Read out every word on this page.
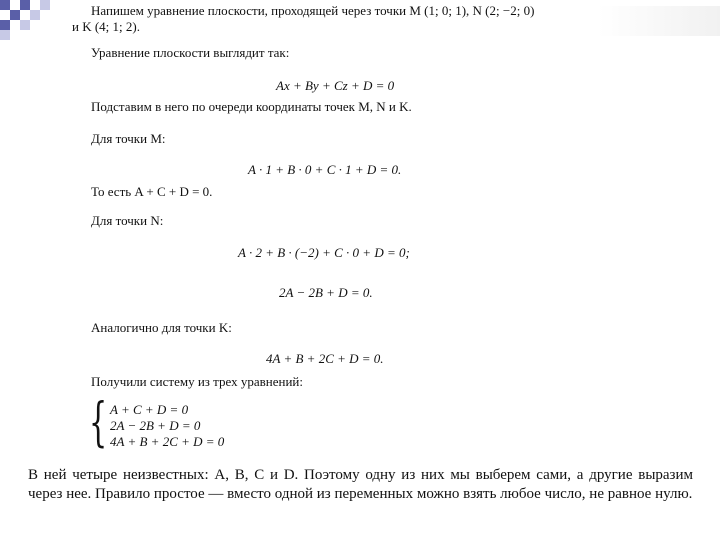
Напишем уравнение плоскости, проходящей через точки M (1; 0; 1), N (2; −2; 0)
и K (4; 1; 2).
Уравнение плоскости выглядит так:
Ax + By + Cz + D = 0
Подставим в него по очереди координаты точек M, N и K.
Для точки M:
A · 1 + B · 0 + C · 1 + D = 0.
То есть A + C + D = 0.
Для точки N:
A · 2 + B · (−2) + C · 0 + D = 0;
2A − 2B + D = 0.
Аналогично для точки K:
4A + B + 2C + D = 0.
Получили систему из трех уравнений:
{ A + C + D = 0
2A − 2B + D = 0
4A + B + 2C + D = 0
В ней четыре неизвестных: A, B, C и D. Поэтому одну из них мы выберем сами, а другие выразим через нее. Правило простое — вместо одной из переменных можно взять любое число, не равное нулю.
